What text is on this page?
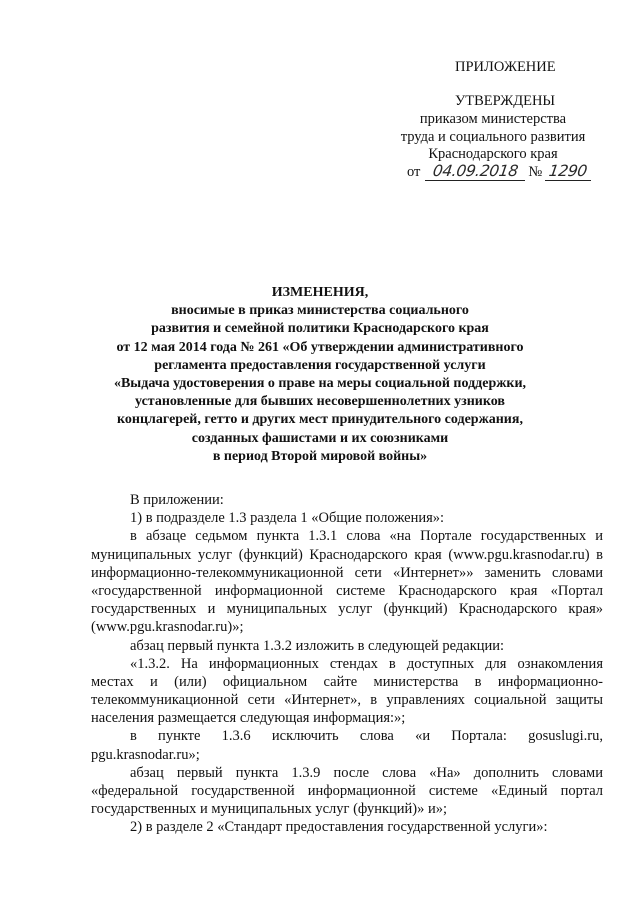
ПРИЛОЖЕНИЕ
УТВЕРЖДЕНЫ
приказом министерства
труда и социального развития
Краснодарского края
от 04.09.2018 № 1290
ИЗМЕНЕНИЯ,
вносимые в приказ министерства социального
развития и семейной политики Краснодарского края
от 12 мая 2014 года № 261 «Об утверждении административного
регламента предоставления государственной услуги
«Выдача удостоверения о праве на меры социальной поддержки,
установленные для бывших несовершеннолетних узников
концлагерей, гетто и других мест принудительного содержания,
созданных фашистами и их союзниками
в период Второй мировой войны»
В приложении:
1) в подразделе 1.3 раздела 1 «Общие положения»:
в абзаце седьмом пункта 1.3.1 слова «на Портале государственных и
муниципальных услуг (функций) Краснодарского края (www.pgu.krasnodar.ru) в
информационно-телекоммуникационной сети «Интернет»» заменить словами
«государственной информационной системе Краснодарского края «Портал
государственных и муниципальных услуг (функций) Краснодарского края»
(www.pgu.krasnodar.ru)»;
абзац первый пункта 1.3.2 изложить в следующей редакции:
«1.3.2. На информационных стендах в доступных для ознакомления
местах и (или) официальном сайте министерства в информационно-
телекоммуникационной сети «Интернет», в управлениях социальной защиты
населения размещается следующая информация:»;
в пункте 1.3.6 исключить слова «и Портала: gosuslugi.ru,
pgu.krasnodar.ru»;
абзац первый пункта 1.3.9 после слова «На» дополнить словами
«федеральной государственной информационной системе «Единый портал
государственных и муниципальных услуг (функций)» и»;
2) в разделе 2 «Стандарт предоставления государственной услуги»:
